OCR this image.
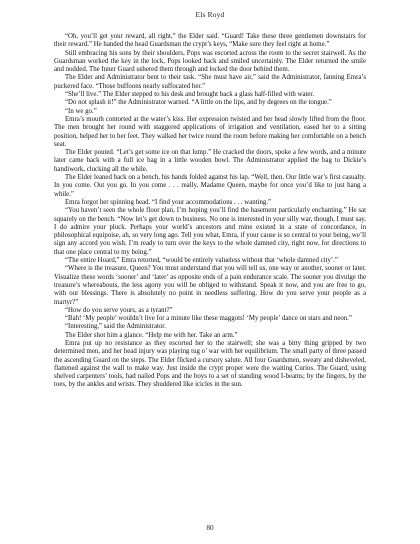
Els Royd

“Oh, you’ll get your reward, all right,” the Elder said. “Guard! Take these three gentlemen downstairs for their reward.” He handed the head Guardsman the crypt’s keys, “Make sure they feel right at home.”

Still embracing his sons by their shoulders, Pops was escorted across the room to the secret stairwell. As the Guardsman worked the key in the lock, Pops looked back and smiled uncertainly. The Elder returned the smile and nodded. The Inner Guard ushered them through and locked the door behind them.

The Elder and Administrator bent to their task. “She must have air,” said the Administrator, fanning Emra’s puckered face. “Those buffoons nearly suffocated her.”

“She’ll live.” The Elder stepped to his desk and brought back a glass half-filled with water.

“Do not splash it!” the Administrator warned. “A little on the lips, and by degrees on the tongue.”

“In we go.”

Emra’s mouth contorted at the water’s kiss. Her expression twisted and her head slowly lifted from the floor. The men brought her round with staggered applications of irrigation and ventilation, eased her to a sitting position, helped her to her feet. They walked her twice round the room before making her comfortable on a bench seat.

The Elder pouted. “Let’s get some ice on that lump.” He cracked the doors, spoke a few words, and a minute later came back with a full ice bag in a little wooden bowl. The Administrator applied the bag to Dickie’s handiwork, clucking all the while.

The Elder leaned back on a bench, his hands folded against his lap. “Well, then. Our little war’s first casualty. In you come. Out you go. In you come . . . really, Madame Queen, maybe for once you’d like to just hang a while.”

Emra forgot her spinning head. “I find your accommodations . . . wanting.”

“You haven’t seen the whole floor plan, I’m hoping you’ll find the basement particularly enchanting.” He sat squarely on the bench. “Now let’s get down to business. No one is interested in your silly war, though, I must say, I do admire your pluck. Perhaps your world’s ancestors and mine existed in a state of concordance, in philosophical equipoise, ah, so very long ago. Tell you what, Emra, if your cause is so central to your being, we’ll sign any accord you wish. I’m ready to turn over the keys to the whole damned city, right now, for directions to that one place central to my being.”

“The entire Hoard,” Emra retorted, “would be entirely valueless without that ‘whole damned city’.”

“Where is the treasure, Queen? You must understand that you will tell us, one way or another, sooner or later. Visualize these words ‘sooner’ and ‘later’ as opposite ends of a pain endurance scale. The sooner you divulge the treasure’s whereabouts, the less agony you will be obliged to withstand. Speak it now, and you are free to go, with our blessings. There is absolutely no point in needless suffering. How do you serve your people as a martyr?”

“How do you serve yours, as a tyrant?”

“Bah! ‘My people’ wouldn’t live for a minute like these maggots! ‘My people’ dance on stars and neon.”

“Interesting,” said the Administrator.

The Elder shot him a glance. “Help me with her. Take an arm.”

Emra put up no resistance as they escorted her to the stairwell; she was a bitty thing gripped by two determined men, and her head injury was playing tug o’ war with her equilibrium. The small party of three passed the ascending Guard on the steps. The Elder flicked a cursory salute. All four Guardsmen, sweaty and disheveled, flattened against the wall to make way. Just inside the crypt proper were the waiting Curios. The Guard, using shelved carpenters’ tools, had nailed Pops and the boys to a set of standing wood I-beams; by the fingers, by the toes, by the ankles and wrists. They shuddered like icicles in the sun.

80
